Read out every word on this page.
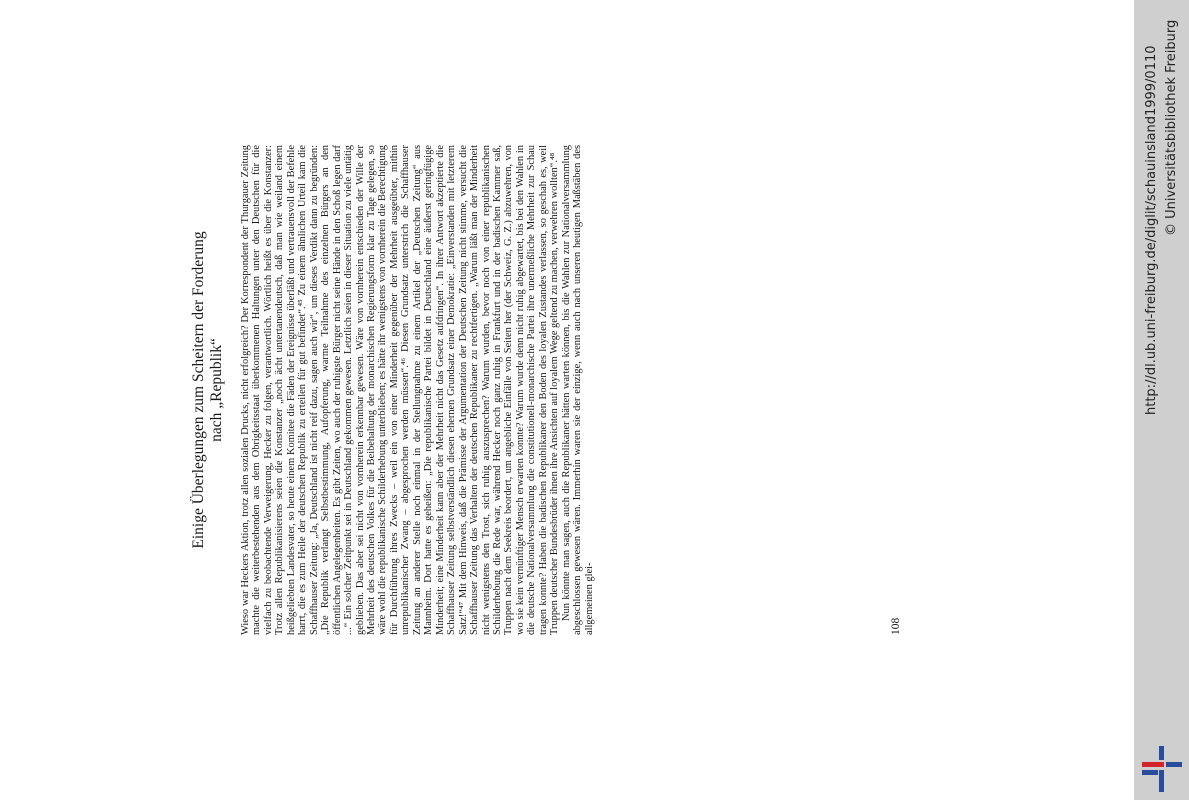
Einige Überlegungen zum Scheitern der Forderung nach „Republik“ Wieso war Heckers Aktion, trotz allen sozialen Drucks, nicht erfolgreich? Der Korrespondent der Thurgauer Zeitung machte die weiterbestehenden aus dem Obrigkeitsstaat überkommenen Haltungen unter den Deutschen für die vielfach zu beobachtende Verweigerung, Hecker zu folgen, verantwortlich. Wörtlich heißt es über die Konstanzer: Trotz allen Republikanisierens seien die Konstanzer „noch ächt untertanendeutsch, daß man wie weiland einem heißgeliebten Landesvater, so heute einem Komitee die Fäden der Ereignisse überläßt und vertrauensvoll der Befehle harrt, die es zum Heile der deutschen Republik zu erteilen für gut befindet“.⁴⁵ Zu einem ähnlichen Urteil kam die Schaffhauser Zeitung: „Ja, Deutschland ist nicht reif dazu, sagen auch wir“, um dieses Verdikt dann zu begründen: „Die Republik verlangt Selbstbestimmung, Aufopferung, warme Teilnahme des einzelnen Bürgers an den öffentlichen Angelegenheiten. Es gibt Zeiten, wo auch der ruhigste Bürger nicht seine Hände in den Schoß legen darf ...“ Ein solcher Zeitpunkt sei in Deutschland gekommen gewesen. Letztlich seien in dieser Situation zu viele untätig geblieben. Das aber sei nicht von vornherein erkennbar gewesen. Wäre von vornherein entschieden der Wille der Mehrheit des deutschen Volkes für die Beibehaltung der monarchischen Regierungsform klar zu Tage gelegen, so wäre wohl die republikanische Schilderhebung unterblieben; es hätte ihr wenigstens von vornherein die Berechtigung für Durchführung ihres Zwecks – weil ein von einer Minderheit gegenüber der Mehrheit ausgeübter, mithin unrepublikanischer Zwang – abgesprochen werden müssen“.⁴⁶ Diesen Grundsatz unterstrich die Schaffhauser Zeitung an anderer Stelle noch einmal in der Stellungnahme zu einem Artikel der „Deutschen Zeitung“ aus Mannheim. Dort hatte es geheißen: „Die republikanische Partei bildet in Deutschland eine äußerst geringfügige Minderheit; eine Minderheit kann aber der Mehrheit nicht das Gesetz aufdringen“. In ihrer Antwort akzeptierte die Schaffhauser Zeitung selbstverständlich diesen ehernen Grundsatz einer Demokratie: „Einverstanden mit letzterem Satz!“⁴⁷ Mit dem Hinweis, daß die Prämisse der Argumentation der Deutschen Zeitung nicht stimme, versucht die Schaffhauser Zeitung das Verhalten der deutschen Republikaner zu rechtfertigen. „Warum läßt man der Minderheit nicht wenigstens den Trost, sich ruhig auszusprechen? Warum wurden, bevor noch von einer republikanischen Schilderhebung die Rede war, während Hecker noch ganz ruhig in Frankfurt und in der badischen Kammer saß, Truppen nach dem Seekreis beordert, um angebliche Einfälle von Seiten her (der Schweiz, G. Z.) abzuwehren, von wo sie kein vernünftiger Mensch erwarten konnte? Warum wurde denn nicht ruhig abgewartet, bis bei den Wahlen in die deutsche Nationalversammlung die constitutionell-monarchische Partei ihre unermeßliche Mehrheit zur Schau tragen konnte? Haben die badischen Republikaner den Boden des loyalen Zustandes verlassen, so geschah es, weil Truppen deutscher Bundesbrüder ihnen ihre Ansichten auf loyalem Wege geltend zu machen, verwehren wollten“.⁴⁸ Nun könnte man sagen, auch die Republikaner hätten warten können, bis die Wahlen zur Nationalversammlung abgeschlossen gewesen wären. Immerhin waren sie der einzige, wenn auch nach unseren heutigen Maßstäben des allgemeinen glei-	108
http://dl.ub.uni-freiburg.de/diglit/schauinsland1999/0110 © Universitätsbibliothek Freiburg
